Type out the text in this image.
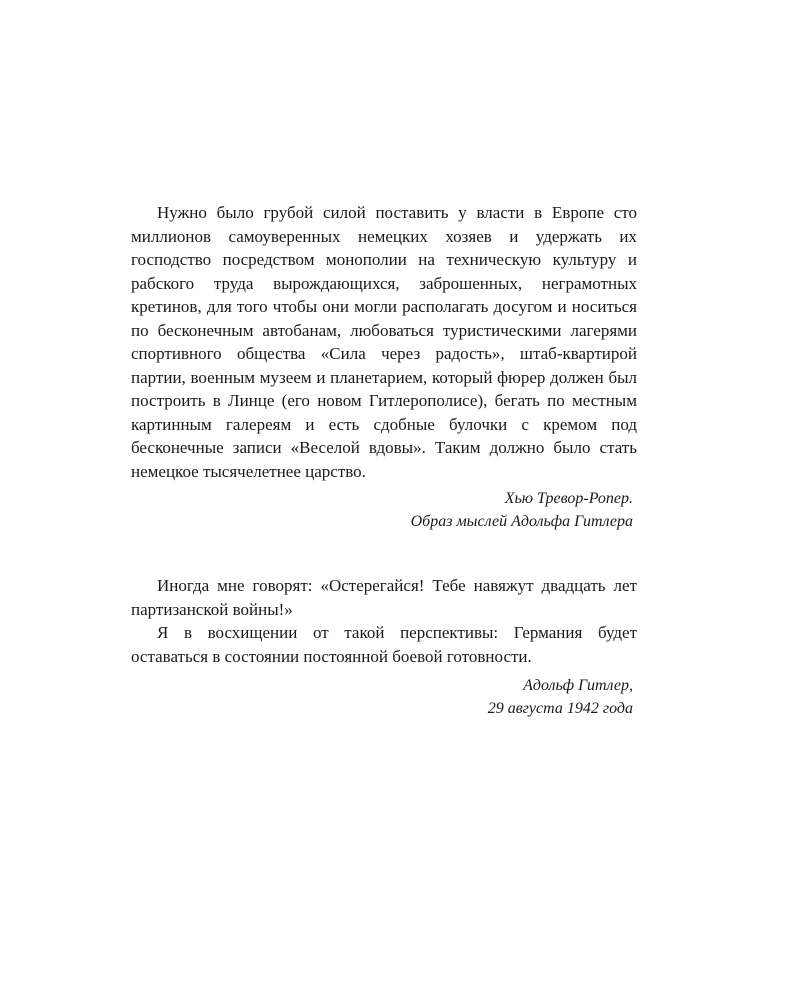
Нужно было грубой силой поставить у власти в Европе сто миллионов самоуверенных немецких хозяев и удержать их господство посредством монополии на техническую культуру и рабского труда вырождающихся, заброшенных, неграмотных кретинов, для того чтобы они могли располагать досугом и носиться по бесконечным автобанам, любоваться туристическими лагерями спортивного общества «Сила через радость», штаб-квартирой партии, военным музеем и планетарием, который фюрер должен был построить в Линце (его новом Гитлерополисе), бегать по местным картинным галереям и есть сдобные булочки с кремом под бесконечные записи «Веселой вдовы». Таким должно было стать немецкое тысячелетнее царство.

Хью Тревор-Ропер.
Образ мыслей Адольфа Гитлера

Иногда мне говорят: «Остерегайся! Тебе навяжут двадцать лет партизанской войны!»

Я в восхищении от такой перспективы: Германия будет оставаться в состоянии постоянной боевой готовности.

Адольф Гитлер,
29 августа 1942 года
